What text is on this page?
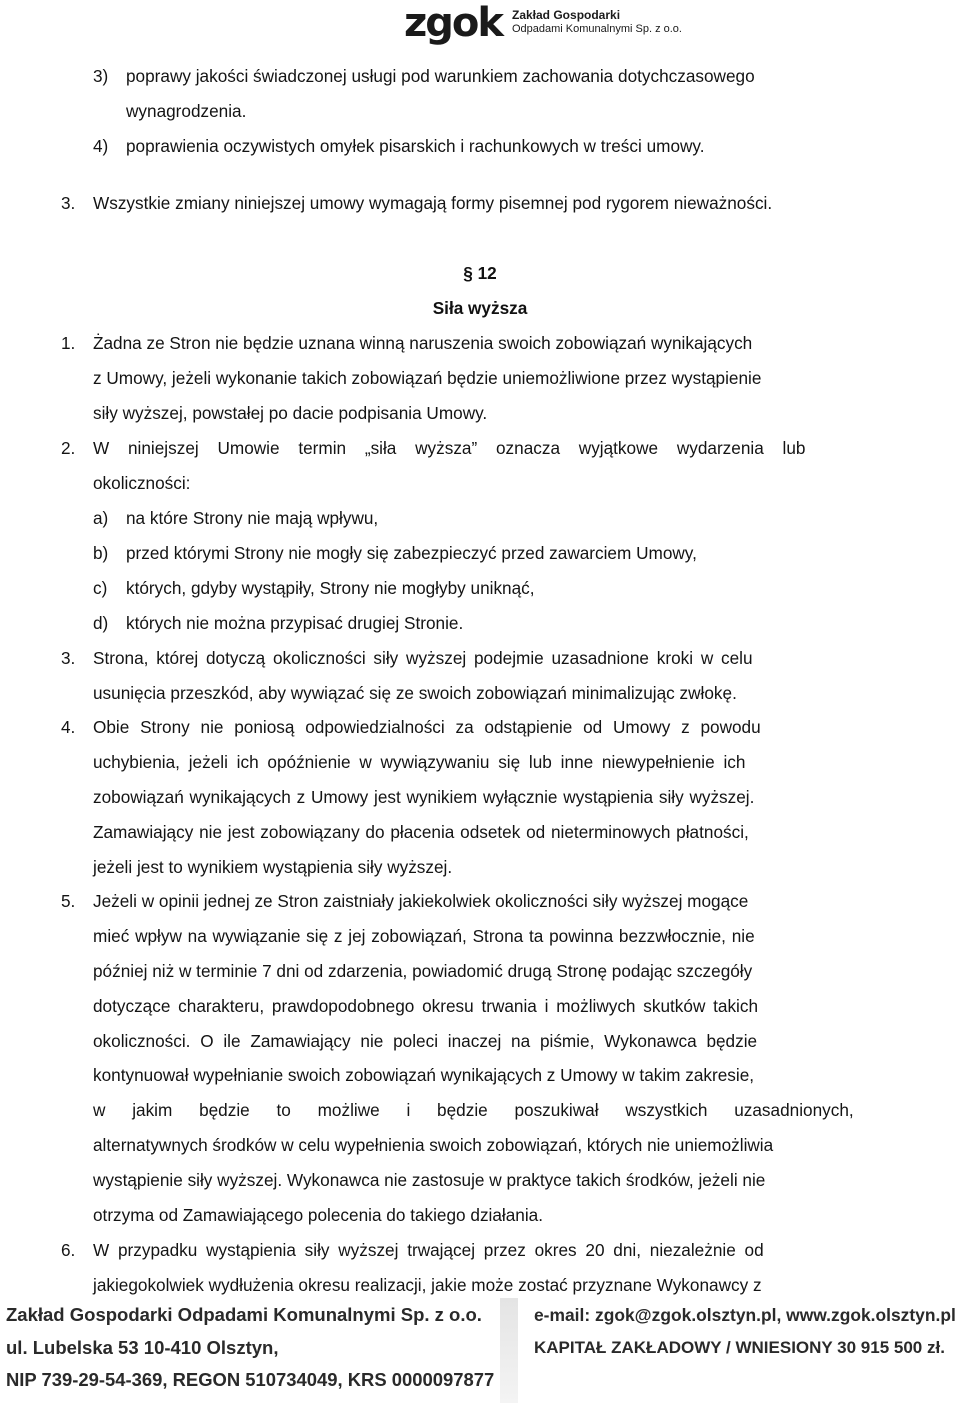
zgok Zakład Gospodarki
Odpadami Komunalnymi Sp. z o.o.
3) poprawy jakości świadczonej usługi pod warunkiem zachowania dotychczasowego
wynagrodzenia.
4) poprawienia oczywistych omyłek pisarskich i rachunkowych w treści umowy.
3. Wszystkie zmiany niniejszej umowy wymagają formy pisemnej pod rygorem nieważności.
§ 12
Siła wyższa
1. Żadna ze Stron nie będzie uznana winną naruszenia swoich zobowiązań wynikających
z Umowy, jeżeli wykonanie takich zobowiązań będzie uniemożliwione przez wystąpienie
siły wyższej, powstałej po dacie podpisania Umowy.
2. W niniejszej Umowie termin „siła wyższa” oznacza wyjątkowe wydarzenia lub
okoliczności:
a) na które Strony nie mają wpływu,
b) przed którymi Strony nie mogły się zabezpieczyć przed zawarciem Umowy,
c) których, gdyby wystąpiły, Strony nie mogłyby uniknąć,
d) których nie można przypisać drugiej Stronie.
3. Strona, której dotyczą okoliczności siły wyższej podejmie uzasadnione kroki w celu
usunięcia przeszkód, aby wywiązać się ze swoich zobowiązań minimalizując zwłokę.
4. Obie Strony nie poniosą odpowiedzialności za odstąpienie od Umowy z powodu
uchybienia, jeżeli ich opóźnienie w wywiązywaniu się lub inne niewypełnienie ich
zobowiązań wynikających z Umowy jest wynikiem wyłącznie wystąpienia siły wyższej.
Zamawiający nie jest zobowiązany do płacenia odsetek od nieterminowych płatności,
jeżeli jest to wynikiem wystąpienia siły wyższej.
5. Jeżeli w opinii jednej ze Stron zaistniały jakiekolwiek okoliczności siły wyższej mogące
mieć wpływ na wywiązanie się z jej zobowiązań, Strona ta powinna bezzwłocznie, nie
później niż w terminie 7 dni od zdarzenia, powiadomić drugą Stronę podając szczegóły
dotyczące charakteru, prawdopodobnego okresu trwania i możliwych skutków takich
okoliczności. O ile Zamawiający nie poleci inaczej na piśmie, Wykonawca będzie
kontynuował wypełnianie swoich zobowiązań wynikających z Umowy w takim zakresie,
w jakim będzie to możliwe i będzie poszukiwał wszystkich uzasadnionych,
alternatywnych środków w celu wypełnienia swoich zobowiązań, których nie uniemożliwia
wystąpienie siły wyższej. Wykonawca nie zastosuje w praktyce takich środków, jeżeli nie
otrzyma od Zamawiającego polecenia do takiego działania.
6. W przypadku wystąpienia siły wyższej trwającej przez okres 20 dni, niezależnie od
jakiegokolwiek wydłużenia okresu realizacji, jakie może zostać przyznane Wykonawcy z
Zakład Gospodarki Odpadami Komunalnymi Sp. z o.o.
ul. Lubelska 53 10-410 Olsztyn,
NIP 739-29-54-369, REGON 510734049, KRS 0000097877
e-mail: zgok@zgok.olsztyn.pl, www.zgok.olsztyn.pl
KAPITAŁ ZAKŁADOWY / WNIESIONY 30 915 500 zł.
